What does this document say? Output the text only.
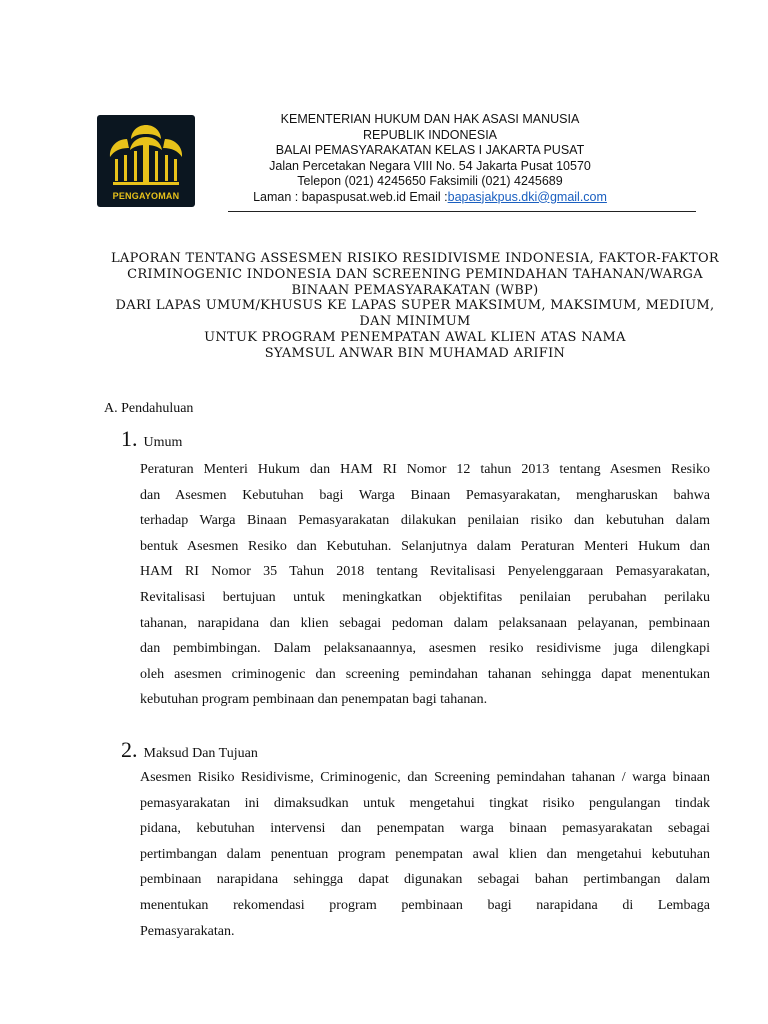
PENGAYOMAN
KEMENTERIAN HUKUM DAN HAK ASASI MANUSIA
REPUBLIK INDONESIA
BALAI PEMASYARAKATAN KELAS I JAKARTA PUSAT
Jalan Percetakan Negara VIII No. 54 Jakarta Pusat 10570
Telepon (021) 4245650 Faksimili (021) 4245689
Laman : bapaspusat.web.id Email :bapasjakpus.dki@gmail.com
LAPORAN TENTANG ASSESMEN RISIKO RESIDIVISME INDONESIA, FAKTOR-FAKTOR
CRIMINOGENIC INDONESIA DAN SCREENING PEMINDAHAN TAHANAN/WARGA
BINAAN PEMASYARAKATAN (WBP)
DARI LAPAS UMUM/KHUSUS KE LAPAS SUPER MAKSIMUM, MAKSIMUM, MEDIUM,
DAN MINIMUM
UNTUK PROGRAM PENEMPATAN AWAL KLIEN ATAS NAMA
SYAMSUL ANWAR BIN MUHAMAD ARIFIN
A. Pendahuluan
1. Umum
Peraturan Menteri Hukum dan HAM RI Nomor 12 tahun 2013 tentang Asesmen Resiko
dan Asesmen Kebutuhan bagi Warga Binaan Pemasyarakatan, mengharuskan bahwa
terhadap Warga Binaan Pemasyarakatan dilakukan penilaian risiko dan kebutuhan dalam
bentuk Asesmen Resiko dan Kebutuhan. Selanjutnya dalam Peraturan Menteri Hukum dan
HAM RI Nomor 35 Tahun 2018 tentang Revitalisasi Penyelenggaraan Pemasyarakatan,
Revitalisasi bertujuan untuk meningkatkan objektifitas penilaian perubahan perilaku
tahanan, narapidana dan klien sebagai pedoman dalam pelaksanaan pelayanan, pembinaan
dan pembimbingan. Dalam pelaksanaannya, asesmen resiko residivisme juga dilengkapi
oleh asesmen criminogenic dan screening pemindahan tahanan sehingga dapat menentukan
kebutuhan program pembinaan dan penempatan bagi tahanan.
2. Maksud Dan Tujuan
Asesmen Risiko Residivisme, Criminogenic, dan Screening pemindahan tahanan / warga binaan
pemasyarakatan ini dimaksudkan untuk mengetahui tingkat risiko pengulangan tindak
pidana, kebutuhan intervensi dan penempatan warga binaan pemasyarakatan sebagai
pertimbangan dalam penentuan program penempatan awal klien dan mengetahui kebutuhan
pembinaan narapidana sehingga dapat digunakan sebagai bahan pertimbangan dalam
menentukan rekomendasi program pembinaan bagi narapidana di Lembaga
Pemasyarakatan.
